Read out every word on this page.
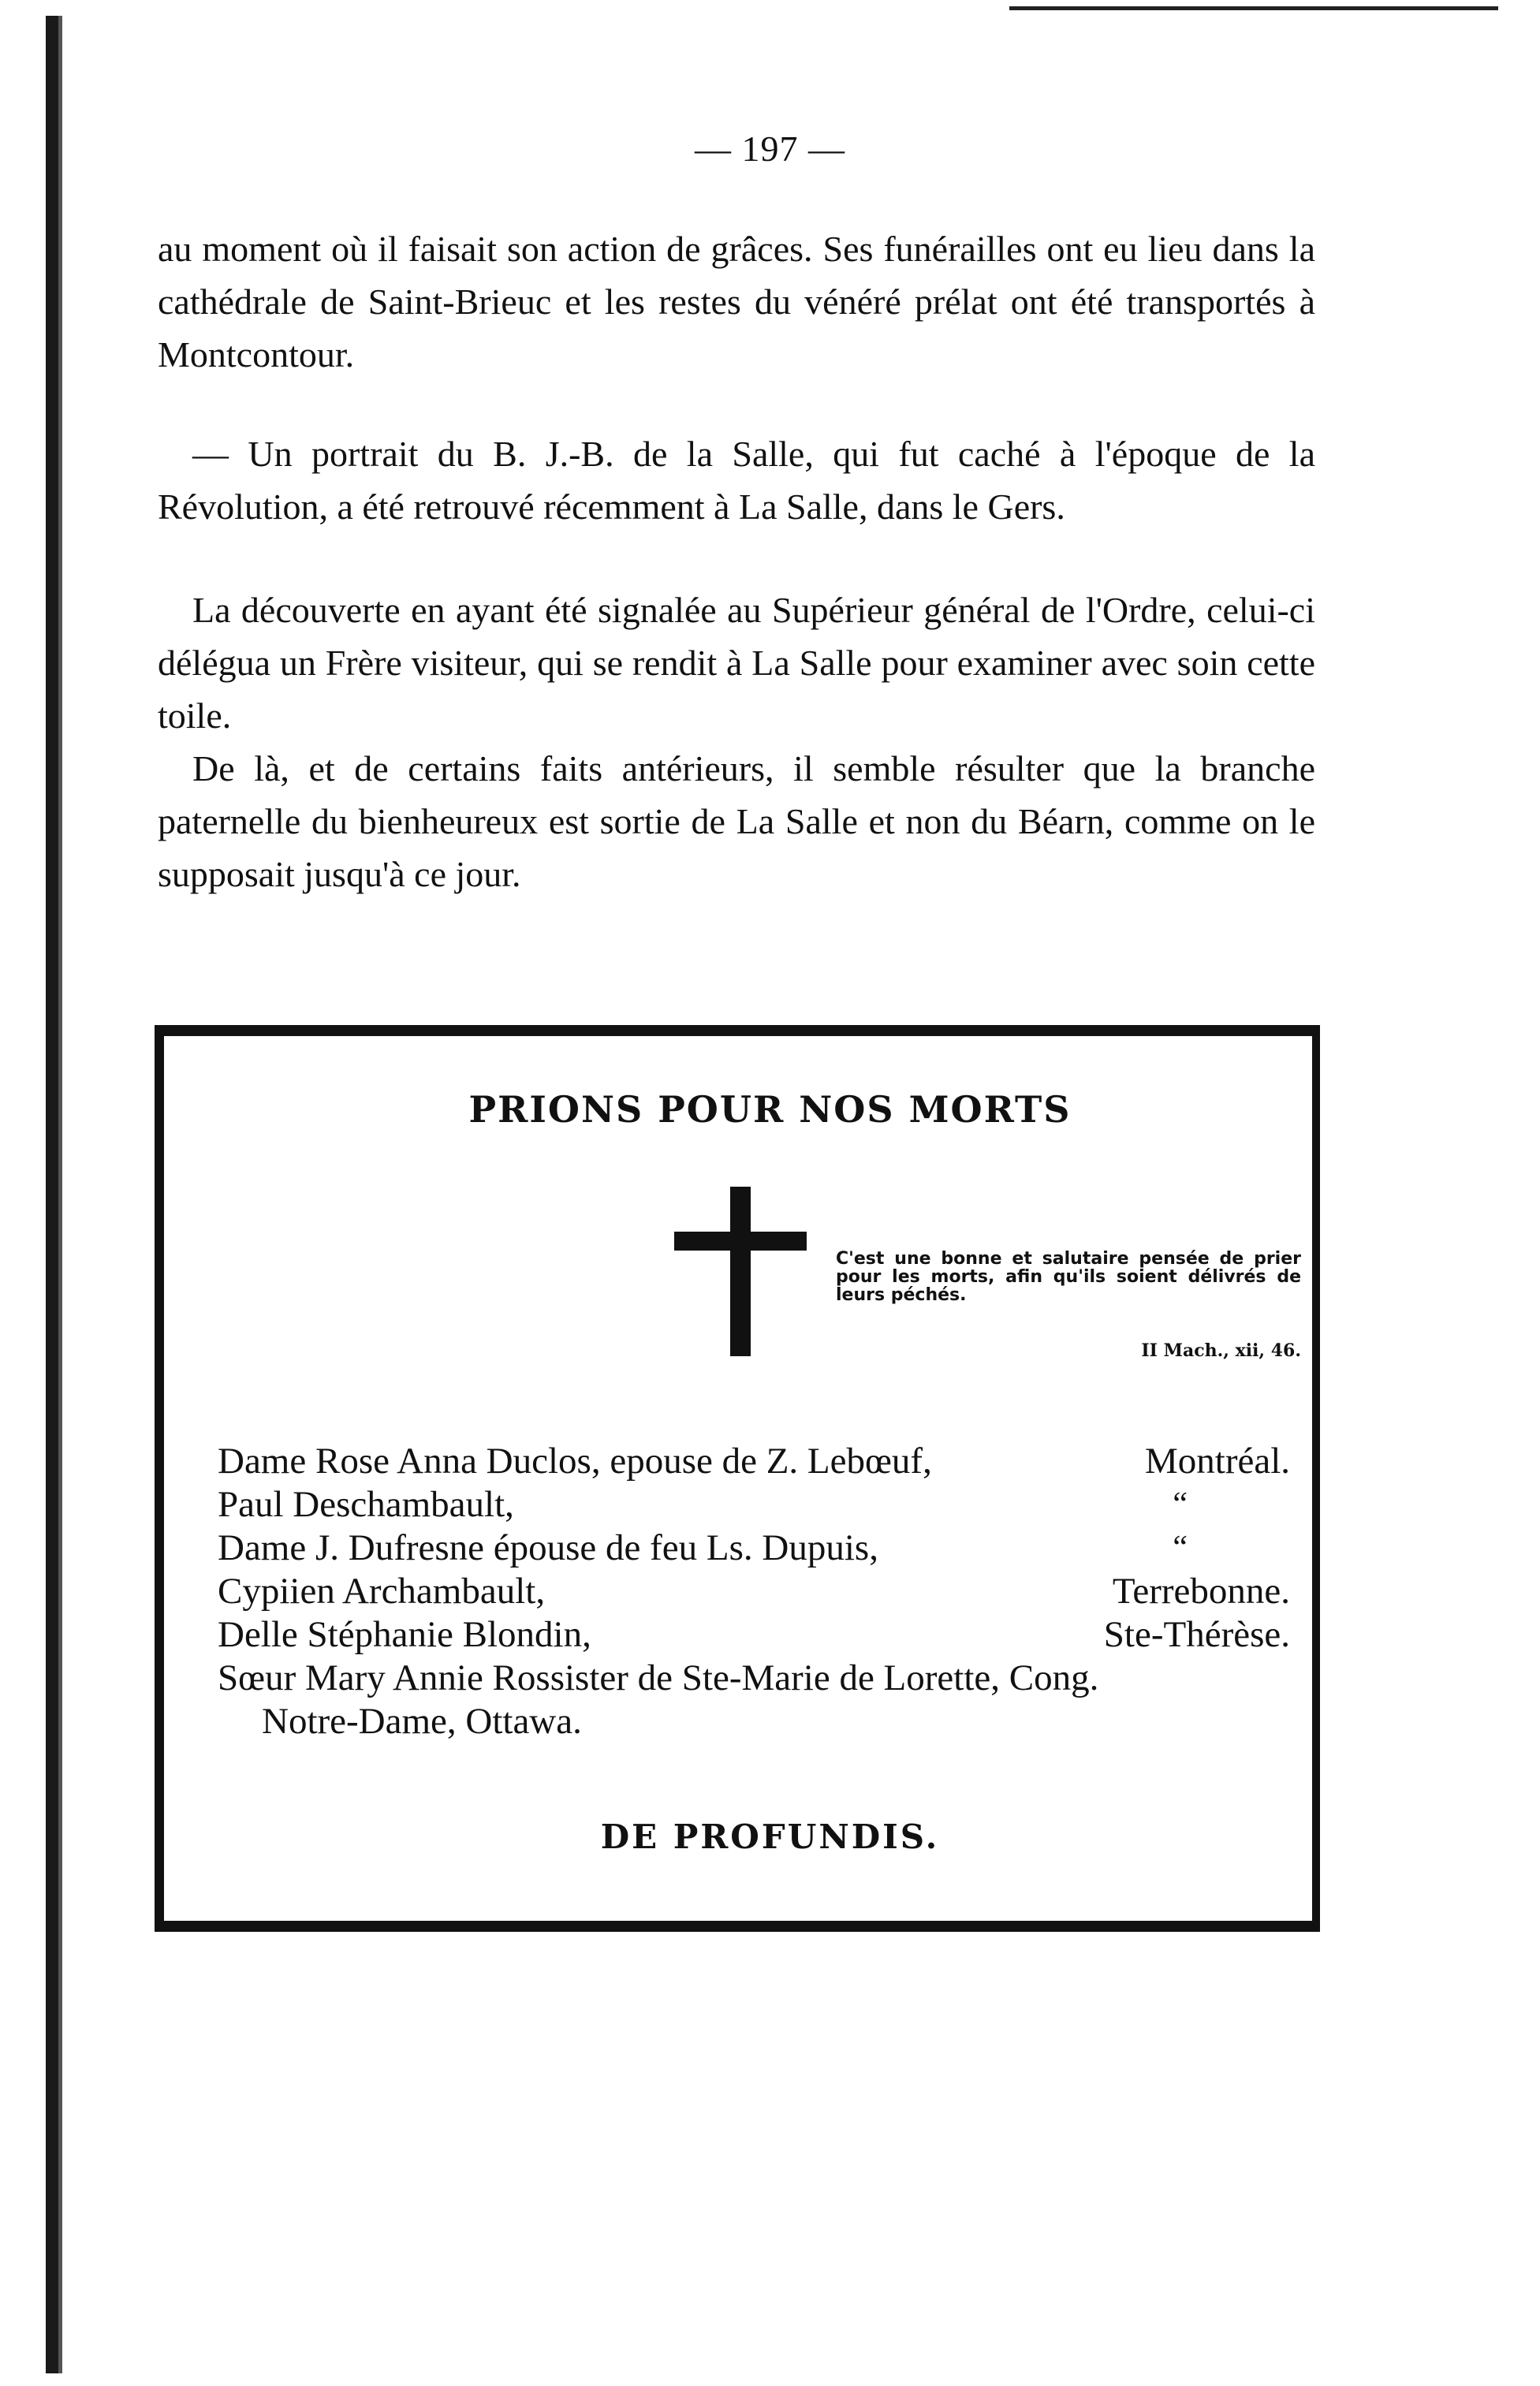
— 197 —

au moment où il faisait son action de grâces. Ses funérailles ont eu lieu dans la cathédrale de Saint-Brieuc et les restes du vénéré prélat ont été transportés à Montcontour.

— Un portrait du B. J.-B. de la Salle, qui fut caché à l'époque de la Révolution, a été retrouvé récemment à La Salle, dans le Gers.

La découverte en ayant été signalée au Supérieur général de l'Ordre, celui-ci délégua un Frère visiteur, qui se rendit à La Salle pour examiner avec soin cette toile.

De là, et de certains faits antérieurs, il semble résulter que la branche paternelle du bienheureux est sortie de La Salle et non du Béarn, comme on le supposait jusqu'à ce jour.

PRIONS POUR NOS MORTS
C'est une bonne et salutaire pensée de prier pour les morts, afin qu'ils soient délivrés de leurs péchés.
II Mach., xii, 46.
Dame Rose Anna Duclos, epouse de Z. Lebœuf,	Montréal.
Paul Deschambault,	“
Dame J. Dufresne épouse de feu Ls. Dupuis,	“
Cypiien Archambault,	Terrebonne.
Delle Stéphanie Blondin,	Ste-Thérèse.
Sœur Mary Annie Rossister de Ste-Marie de Lorette, Cong.
Notre-Dame, Ottawa.
DE PROFUNDIS.
